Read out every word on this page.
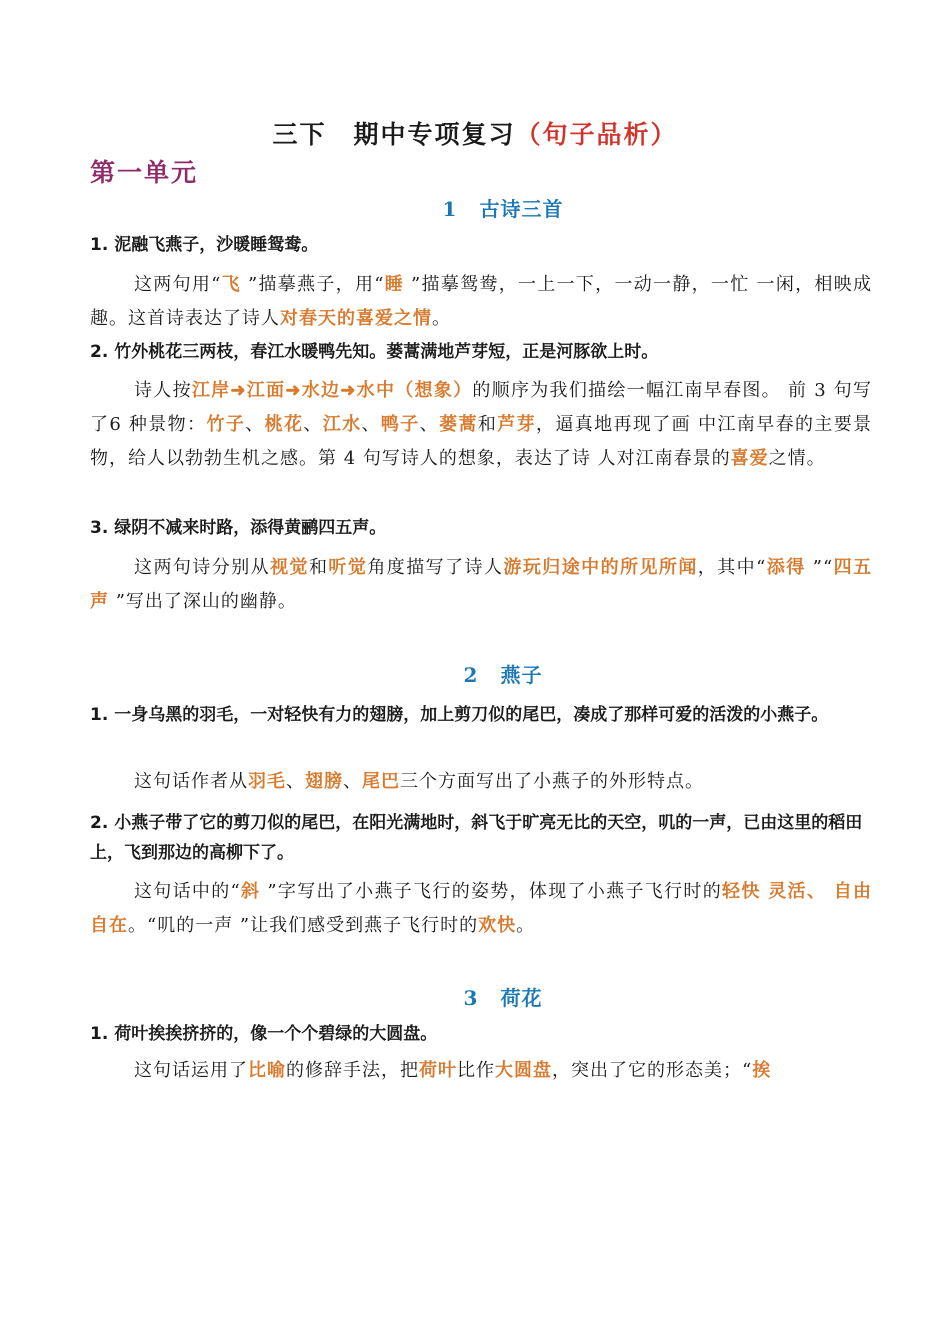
三下　期中专项复习（句子品析）
第一单元
1 古诗三首
1. 泥融飞燕子，沙暖睡鸳鸯。
这两句用“飞 ”描摹燕子，用“睡 ”描摹鸳鸯，一上一下，一动一静，一忙 一闲，相映成趣。这首诗表达了诗人对春天的喜爱之情。
2. 竹外桃花三两枝，春江水暖鸭先知。蒌蒿满地芦芽短，正是河豚欲上时。
诗人按江岸➜江面➜水边➜水中（想象）的顺序为我们描绘一幅江南早春图。 前 3 句写了6 种景物：竹子、桃花、江水、鸭子、蒌蒿和芦芽，逼真地再现了画 中江南早春的主要景物，给人以勃勃生机之感。第 4 句写诗人的想象，表达了诗 人对江南春景的喜爱之情。
3. 绿阴不减来时路，添得黄鹂四五声。
这两句诗分别从视觉和听觉角度描写了诗人游玩归途中的所见所闻，其中“添得 ”“四五声 ”写出了深山的幽静。
2 燕子
1. 一身乌黑的羽毛，一对轻快有力的翅膀，加上剪刀似的尾巴，凑成了那样可爱的活泼的小燕子。
这句话作者从羽毛、翅膀、尾巴三个方面写出了小燕子的外形特点。
2. 小燕子带了它的剪刀似的尾巴，在阳光满地时，斜飞于旷亮无比的天空，叽的一声，已由这里的稻田上，飞到那边的高柳下了。
这句话中的“斜 ”字写出了小燕子飞行的姿势，体现了小燕子飞行时的轻快 灵活、 自由 自在。“叽的一声 ”让我们感受到燕子飞行时的欢快。
3 荷花
1. 荷叶挨挨挤挤的，像一个个碧绿的大圆盘。
这句话运用了比喻的修辞手法，把荷叶比作大圆盘，突出了它的形态美；“挨
